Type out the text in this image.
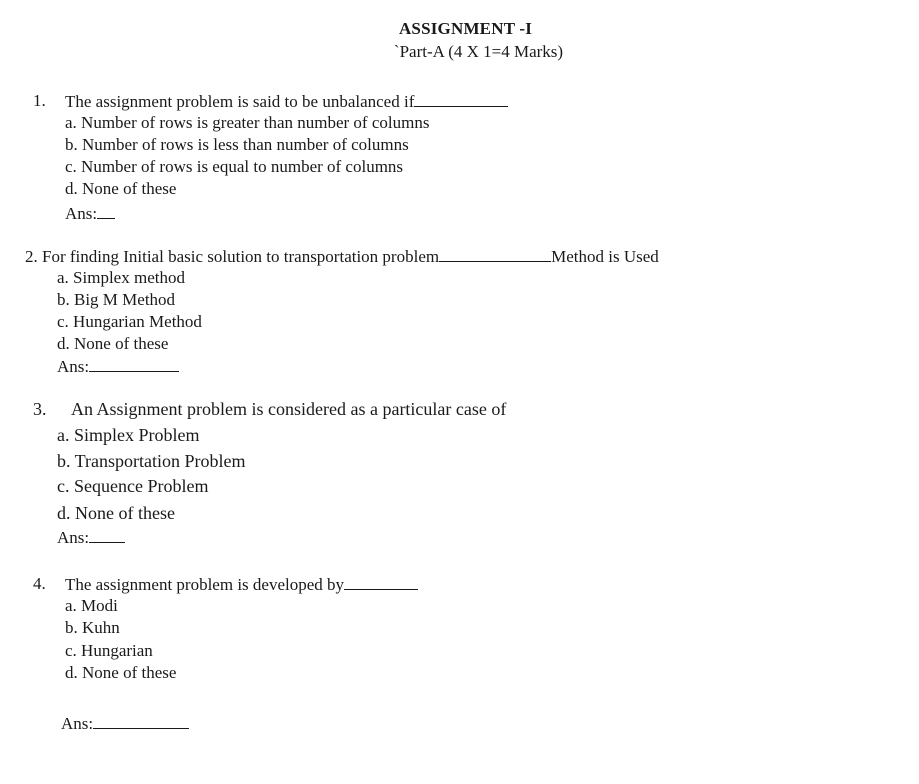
ASSIGNMENT -I
`Part-A (4 X 1=4 Marks)
1. The assignment problem is said to be unbalanced if
a. Number of rows is greater than number of columns
b. Number of rows is less than number of columns
c. Number of rows is equal to number of columns
d. None of these
Ans:
2. For finding Initial basic solution to transportation problem	Method is Used
a. Simplex method
b. Big M Method
c. Hungarian Method
d. None of these
Ans:
3. An Assignment problem is considered as a particular case of
a. Simplex Problem
b. Transportation Problem
c. Sequence Problem
d. None of these
Ans:
4. The assignment problem is developed by
a. Modi
b. Kuhn
c. Hungarian
d. None of these
Ans:
